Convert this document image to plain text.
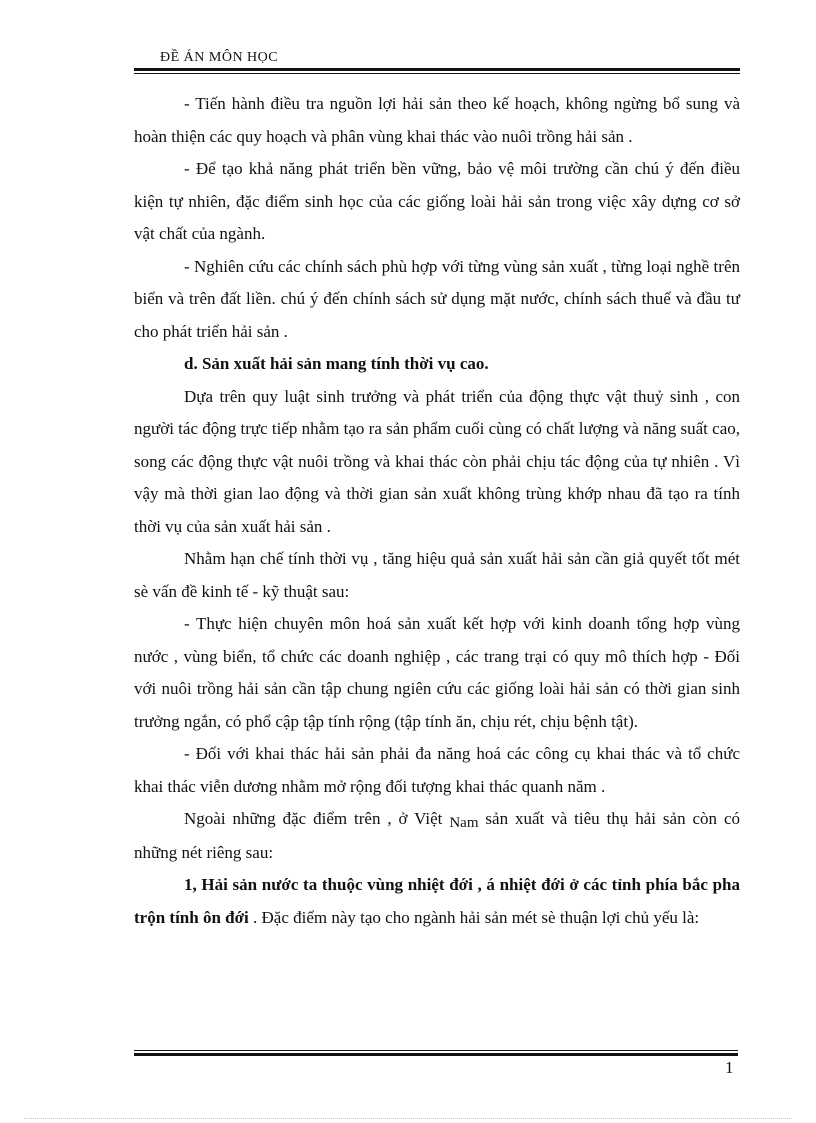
ĐỀ ÁN MÔN HỌC

- Tiến hành điều tra nguồn lợi hải sản theo kế hoạch, không ngừng bổ sung và hoàn thiện các quy hoạch và phân vùng khai thác vào nuôi trồng hải sản .

- Để tạo khả năng phát triển bền vững, bảo vệ môi trường cần chú ý đến điều kiện tự nhiên, đặc điểm sinh học của các giống loài hải sản trong việc xây dựng cơ sở vật chất của ngành.

- Nghiên cứu các chính sách phù hợp với từng vùng sản xuất , từng loại nghề trên biển và trên đất liền. chú ý đến chính sách sử dụng mặt nước, chính sách thuế và đầu tư cho phát triển hải sản .

d. Sản xuất hải sản mang tính thời vụ cao.

Dựa trên quy luật sinh trưởng và phát triển của động thực vật thuỷ sinh , con người tác động trực tiếp nhằm tạo ra sản phẩm cuối cùng có chất lượng và năng suất cao, song các động thực vật nuôi trồng và khai thác còn phải chịu tác động của tự nhiên . Vì vậy mà thời gian lao động và thời gian sản xuất không trùng khớp nhau đã tạo ra tính thời vụ của sản xuất hải sản .

Nhằm hạn chế tính thời vụ , tăng hiệu quả sản xuất hải sản cần giả quyết tốt mét sè vấn đề kinh tế - kỹ thuật sau:

- Thực hiện chuyên môn hoá sản xuất kết hợp với kinh doanh tổng hợp vùng nước , vùng biển, tổ chức các doanh nghiệp , các trang trại có quy mô thích hợp - Đối với nuôi trồng hải sản cần tập chung ngiên cứu các giống loài hải sản có thời gian sinh trưởng ngắn, có phổ cập tập tính rộng (tập tính ăn, chịu rét, chịu bệnh tật).

- Đối với khai thác hải sản phải đa năng hoá các công cụ khai thác và tổ chức khai thác viễn dương nhằm mở rộng đối tượng khai thác quanh năm .

Ngoài những đặc điểm trên , ở Việt Nam sản xuất và tiêu thụ hải sản còn có những nét riêng sau:

1, Hải sản nước ta thuộc vùng nhiệt đới , á nhiệt đới ở các tỉnh phía bắc pha trộn tính ôn đới . Đặc điểm này tạo cho ngành hải sản mét sè thuận lợi chủ yếu là:

1
